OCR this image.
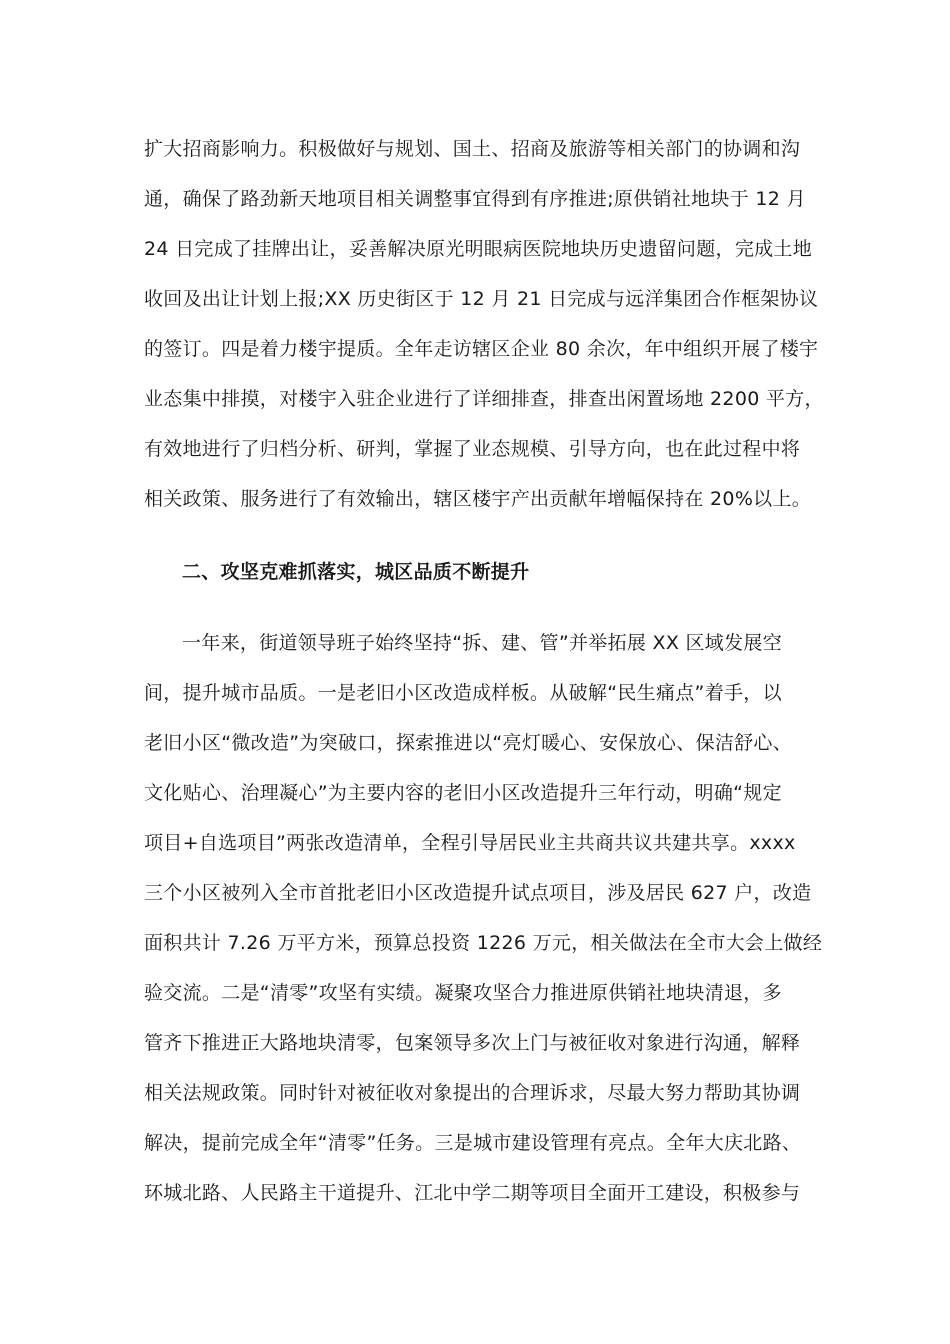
扩大招商影响力。积极做好与规划、国土、招商及旅游等相关部门的协调和沟
通，确保了路劲新天地项目相关调整事宜得到有序推进;原供销社地块于 12 月
24 日完成了挂牌出让，妥善解决原光明眼病医院地块历史遗留问题，完成土地
收回及出让计划上报;XX 历史街区于 12 月 21 日完成与远洋集团合作框架协议
的签订。四是着力楼宇提质。全年走访辖区企业 80 余次，年中组织开展了楼宇
业态集中排摸，对楼宇入驻企业进行了详细排查，排查出闲置场地 2200 平方，
有效地进行了归档分析、研判，掌握了业态规模、引导方向，也在此过程中将
相关政策、服务进行了有效输出，辖区楼宇产出贡献年增幅保持在 20%以上。
二、攻坚克难抓落实，城区品质不断提升
一年来，街道领导班子始终坚持“拆、建、管”并举拓展 XX 区域发展空
间，提升城市品质。一是老旧小区改造成样板。从破解“民生痛点”着手，以
老旧小区“微改造”为突破口，探索推进以“亮灯暖心、安保放心、保洁舒心、
文化贴心、治理凝心”为主要内容的老旧小区改造提升三年行动，明确“规定
项目+自选项目”两张改造清单，全程引导居民业主共商共议共建共享。xxxx
三个小区被列入全市首批老旧小区改造提升试点项目，涉及居民 627 户，改造
面积共计 7.26 万平方米，预算总投资 1226 万元，相关做法在全市大会上做经
验交流。二是“清零”攻坚有实绩。凝聚攻坚合力推进原供销社地块清退，多
管齐下推进正大路地块清零，包案领导多次上门与被征收对象进行沟通，解释
相关法规政策。同时针对被征收对象提出的合理诉求，尽最大努力帮助其协调
解决，提前完成全年“清零”任务。三是城市建设管理有亮点。全年大庆北路、
环城北路、人民路主干道提升、江北中学二期等项目全面开工建设，积极参与
